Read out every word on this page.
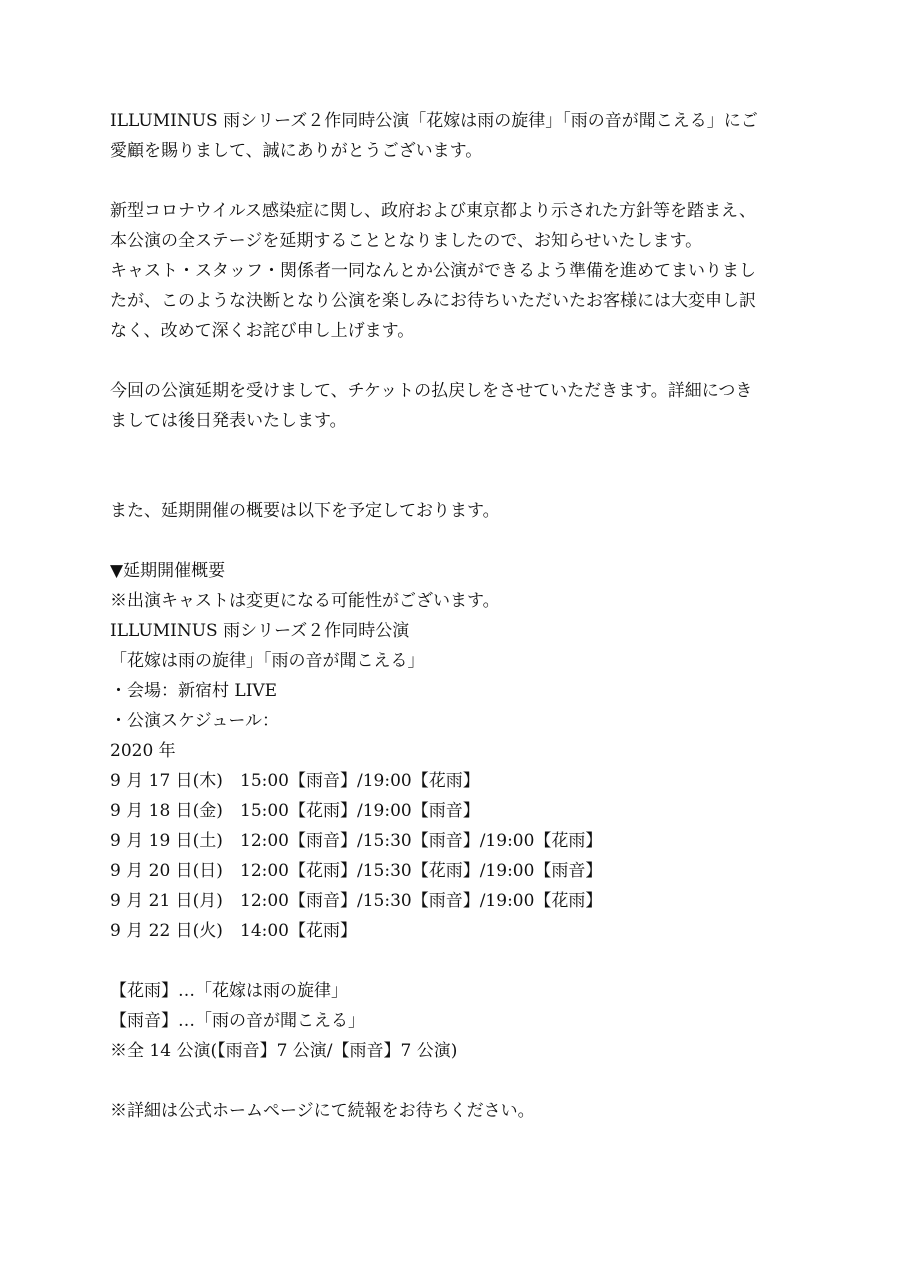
ILLUMINUS 雨シリーズ２作同時公演「花嫁は雨の旋律」「雨の音が聞こえる」にご
愛顧を賜りまして、誠にありがとうございます。
新型コロナウイルス感染症に関し、政府および東京都より示された方針等を踏まえ、
本公演の全ステージを延期することとなりましたので、お知らせいたします。
キャスト・スタッフ・関係者一同なんとか公演ができるよう準備を進めてまいりまし
たが、このような決断となり公演を楽しみにお待ちいただいたお客様には大変申し訳
なく、改めて深くお詫び申し上げます。
今回の公演延期を受けまして、チケットの払戻しをさせていただきます。詳細につき
ましては後日発表いたします。
また、延期開催の概要は以下を予定しております。
▼延期開催概要
※出演キャストは変更になる可能性がございます。
ILLUMINUS 雨シリーズ２作同時公演
「花嫁は雨の旋律」「雨の音が聞こえる」
・会場：新宿村 LIVE
・公演スケジュール：
2020 年
9 月 17 日(木)	15:00【雨音】/19:00【花雨】
9 月 18 日(金)	15:00【花雨】/19:00【雨音】
9 月 19 日(土)	12:00【雨音】/15:30【雨音】/19:00【花雨】
9 月 20 日(日)	12:00【花雨】/15:30【花雨】/19:00【雨音】
9 月 21 日(月)	12:00【雨音】/15:30【雨音】/19:00【花雨】
9 月 22 日(火)	14:00【花雨】
【花雨】…「花嫁は雨の旋律」
【雨音】…「雨の音が聞こえる」
※全 14 公演(【雨音】7 公演/【雨音】7 公演)
※詳細は公式ホームページにて続報をお待ちください。
